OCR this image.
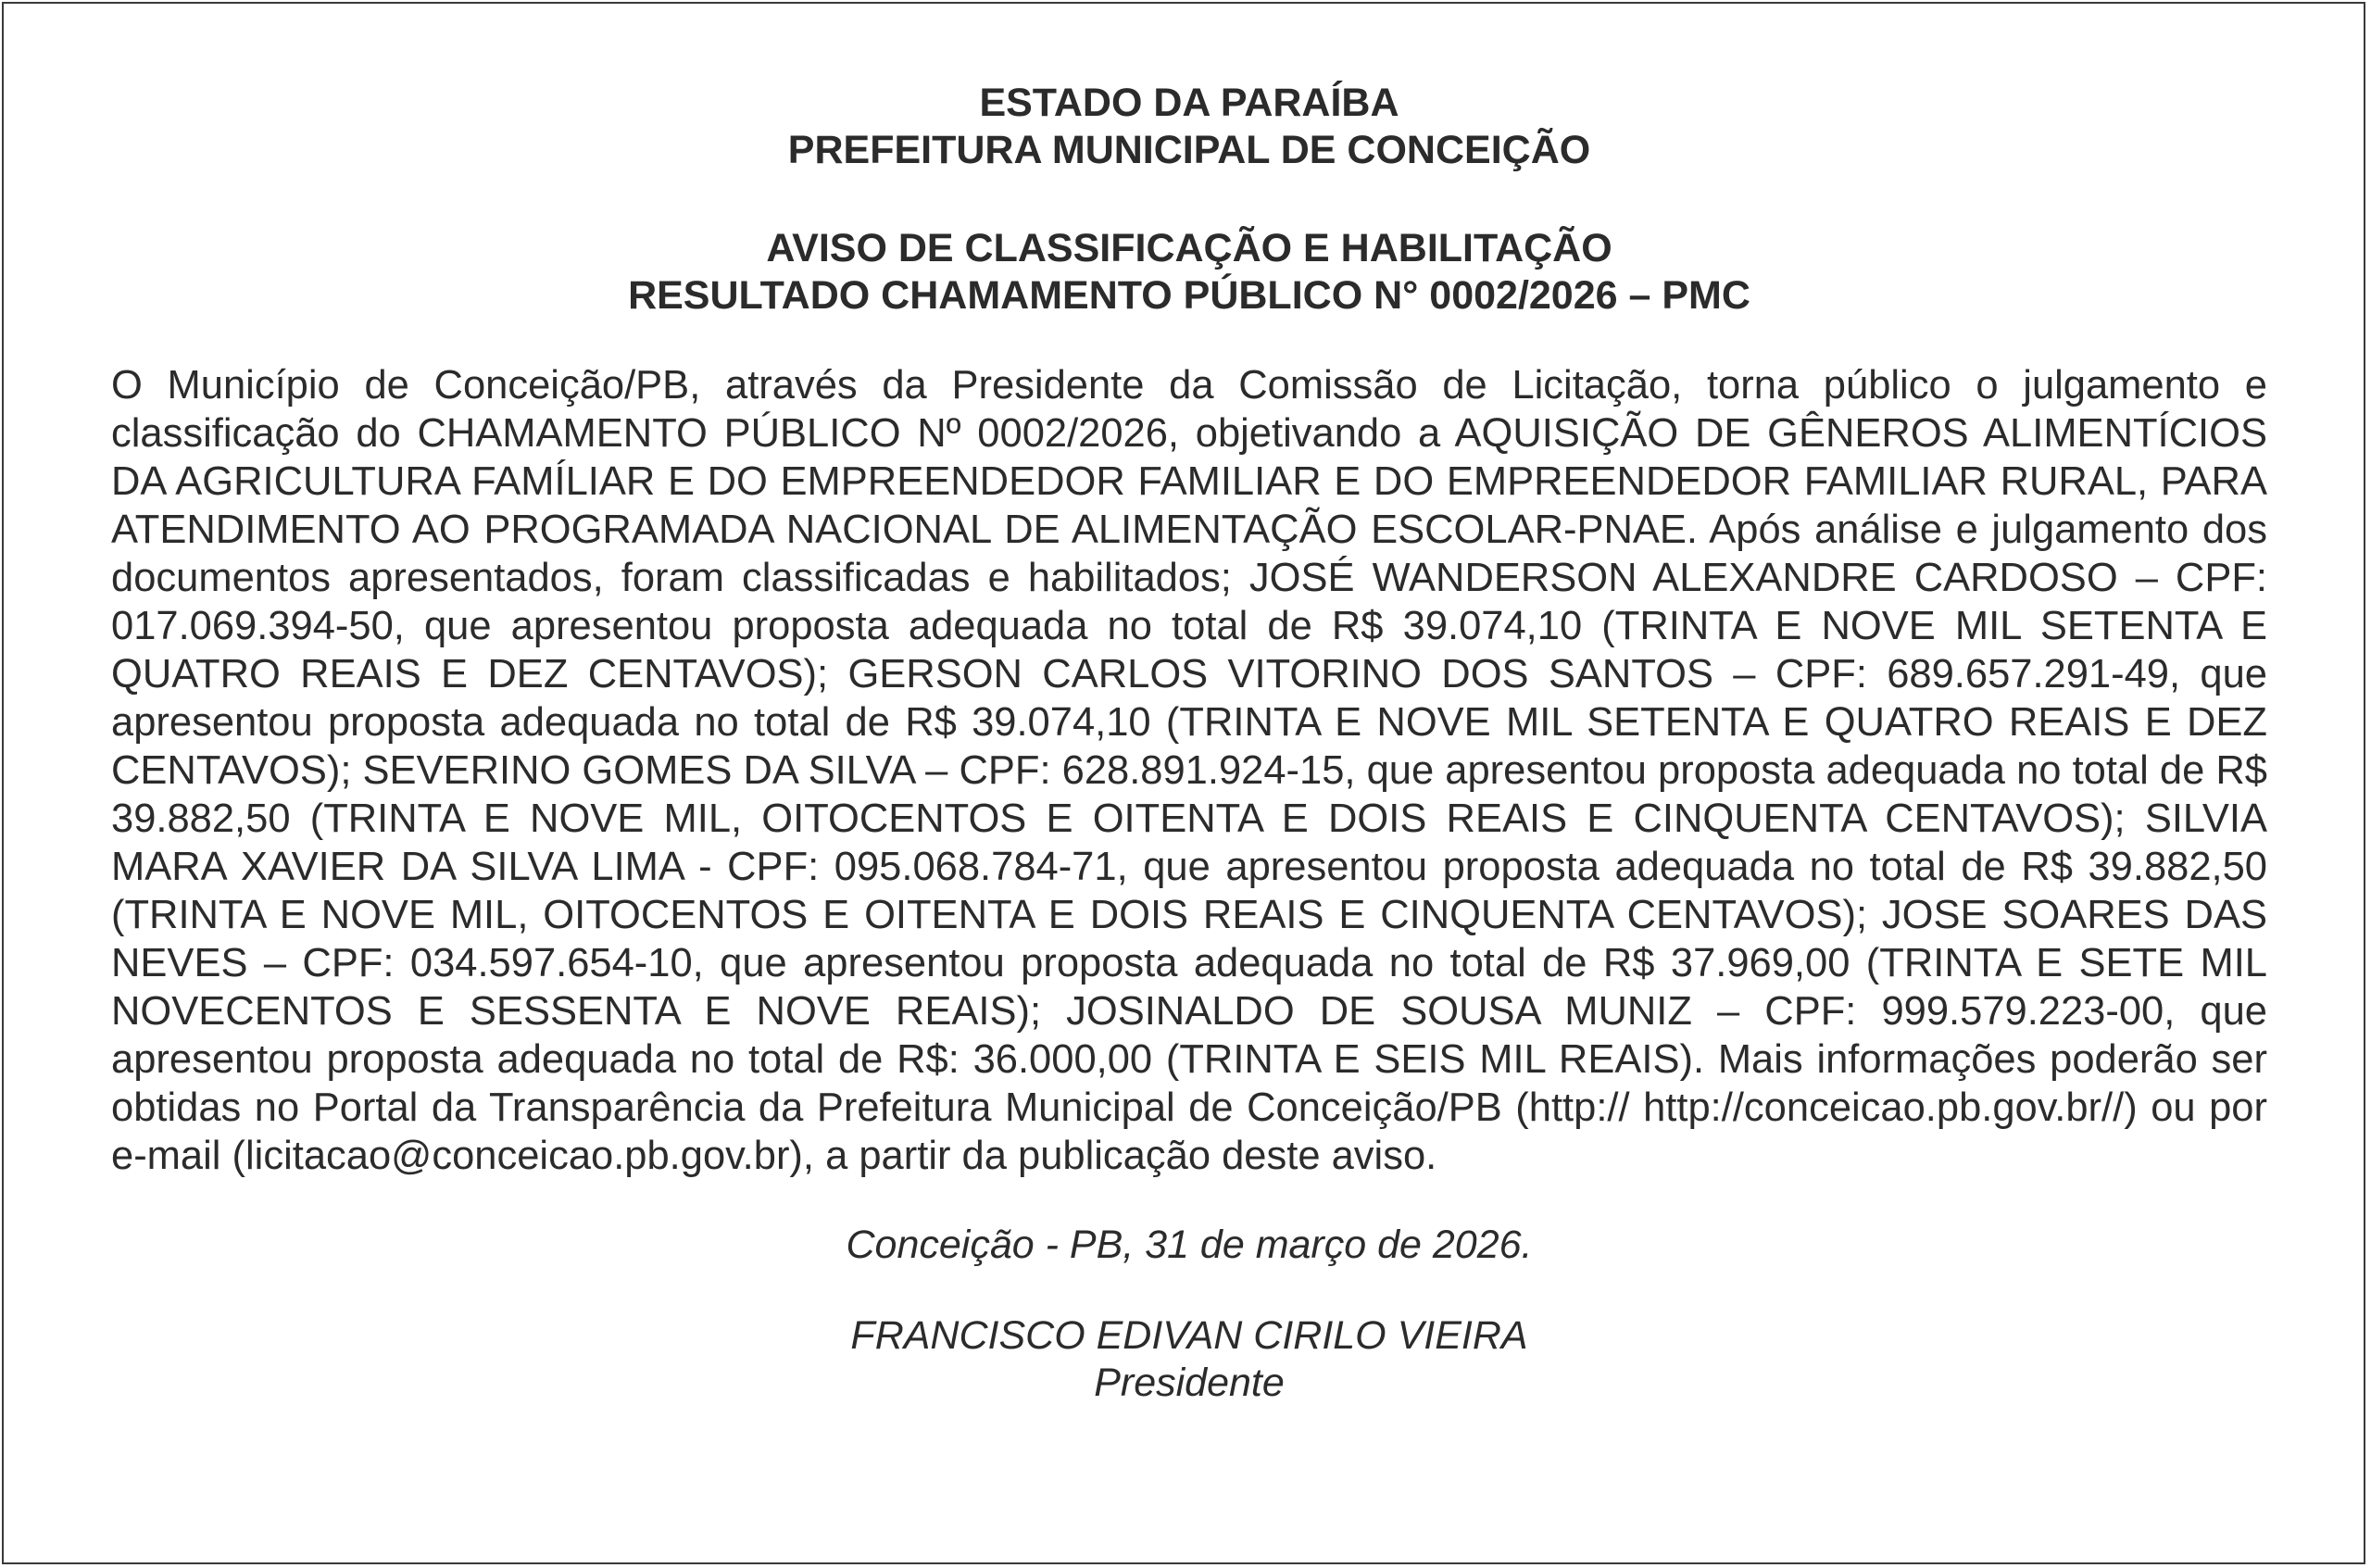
ESTADO DA PARAÍBA

PREFEITURA MUNICIPAL DE CONCEIÇÃO

AVISO DE CLASSIFICAÇÃO E HABILITAÇÃO

RESULTADO CHAMAMENTO PÚBLICO N° 0002/2026 – PMC

O Município de Conceição/PB, através da Presidente da Comissão de Licitação, torna público o julgamento e classificação do CHAMAMENTO PÚBLICO Nº 0002/2026, objetivando a AQUISIÇÃO DE GÊNEROS ALIMENTÍCIOS DA AGRICULTURA FAMÍLIAR E DO EMPREENDEDOR FAMILIAR E DO EMPREENDEDOR FAMILIAR RURAL, PARA ATENDIMENTO AO PROGRAMADA NACIONAL DE ALIMENTAÇÃO ESCOLAR-PNAE. Após análise e julgamento dos documentos apresentados, foram classificadas e habilitados; JOSÉ WANDERSON ALEXANDRE CARDOSO – CPF: 017.069.394-50, que apresentou proposta adequada no total de R$ 39.074,10 (TRINTA E NOVE MIL SETENTA E QUATRO REAIS E DEZ CENTAVOS); GERSON CARLOS VITORINO DOS SANTOS – CPF: 689.657.291-49, que apresentou proposta adequada no total de R$ 39.074,10 (TRINTA E NOVE MIL SETENTA E QUATRO REAIS E DEZ CENTAVOS); SEVERINO GOMES DA SILVA – CPF: 628.891.924-15, que apresentou proposta adequada no total de R$ 39.882,50 (TRINTA E NOVE MIL, OITOCENTOS E OITENTA E DOIS REAIS E CINQUENTA CENTAVOS); SILVIA MARA XAVIER DA SILVA LIMA - CPF: 095.068.784-71, que apresentou proposta adequada no total de R$ 39.882,50 (TRINTA E NOVE MIL, OITOCENTOS E OITENTA E DOIS REAIS E CINQUENTA CENTAVOS); JOSE SOARES DAS NEVES – CPF: 034.597.654-10, que apresentou proposta adequada no total de R$ 37.969,00 (TRINTA E SETE MIL NOVECENTOS E SESSENTA E NOVE REAIS); JOSINALDO DE SOUSA MUNIZ – CPF: 999.579.223-00, que apresentou proposta adequada no total de R$: 36.000,00 (TRINTA E SEIS MIL REAIS). Mais informações poderão ser obtidas no Portal da Transparência da Prefeitura Municipal de Conceição/PB (http:// http://conceicao.pb.gov.br//) ou por e-mail (licitacao@conceicao.pb.gov.br), a partir da publicação deste aviso.

Conceição - PB, 31 de março de 2026.

FRANCISCO EDIVAN CIRILO VIEIRA

Presidente
